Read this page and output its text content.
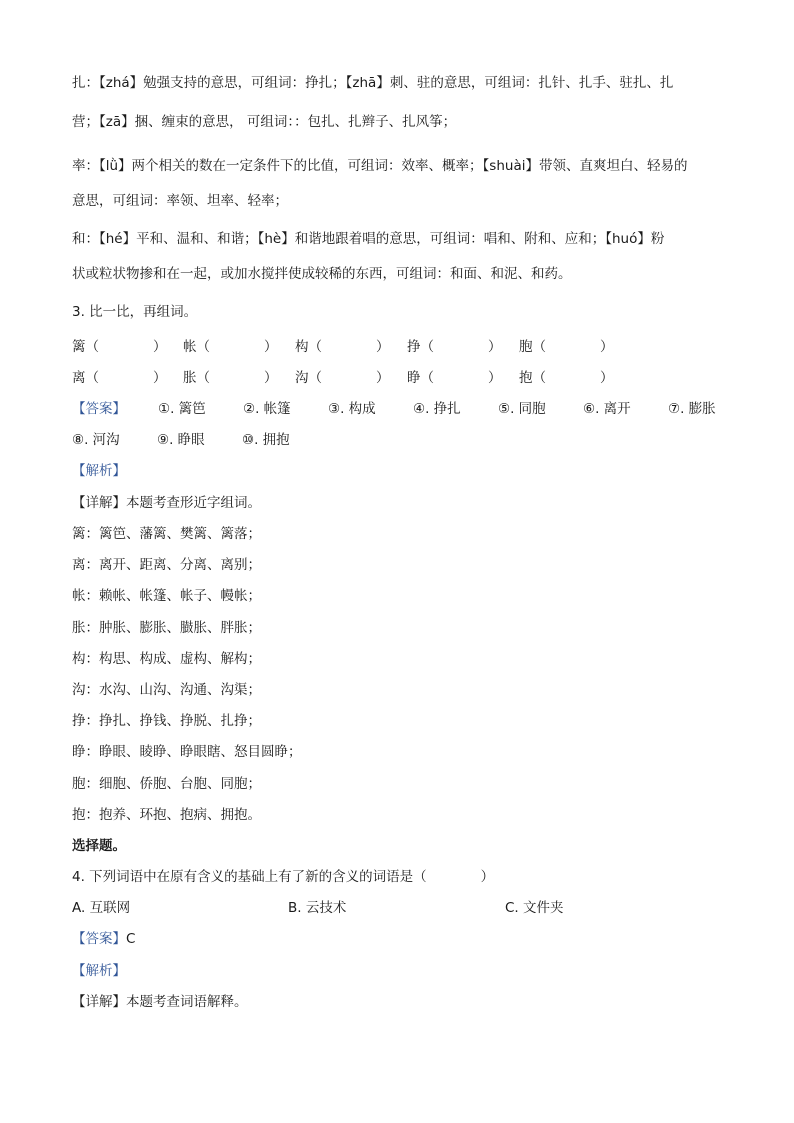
扎：【zhá】勉强支持的意思，可组词：挣扎；【zhā】刺、驻的意思，可组词：扎针、扎手、驻扎、扎
营；【zā】捆、缠束的意思， 可组词：：包扎、扎辫子、扎风筝；
率：【lǜ】两个相关的数在一定条件下的比值，可组词：效率、概率；【shuài】带领、直爽坦白、轻易的
意思，可组词：率领、坦率、轻率；
和：【hé】平和、温和、和谐；【hè】和谐地跟着唱的意思，可组词：唱和、附和、应和；【huó】粉
状或粒状物掺和在一起，或加水搅拌使成较稀的东西，可组词：和面、和泥、和药。
3. 比一比，再组词。
篱（　　　　） 帐（　　　　） 构（　　　　） 挣（　　　　） 胞（　　　　）
离（　　　　） 胀（　　　　） 沟（　　　　） 睁（　　　　） 抱（　　　　）
【答案】 ①. 篱笆	②. 帐篷	③. 构成	④. 挣扎	⑤. 同胞	⑥. 离开	⑦. 膨胀
⑧. 河沟	⑨. 睁眼	⑩. 拥抱
【解析】
【详解】本题考查形近字组词。
篱：篱笆、藩篱、樊篱、篱落；
离：离开、距离、分离、离别；
帐：赖帐、帐篷、帐子、幔帐；
胀：肿胀、膨胀、臌胀、胖胀；
构：构思、构成、虚构、解构；
沟：水沟、山沟、沟通、沟渠；
挣：挣扎、挣钱、挣脱、扎挣；
睁：睁眼、睖睁、睁眼瞎、怒目圆睁；
胞：细胞、侨胞、台胞、同胞；
抱：抱养、环抱、抱病、拥抱。
选择题。
4. 下列词语中在原有含义的基础上有了新的含义的词语是（　　　　）
A. 互联网	B. 云技术	C. 文件夹
【答案】C
【解析】
【详解】本题考查词语解释。
